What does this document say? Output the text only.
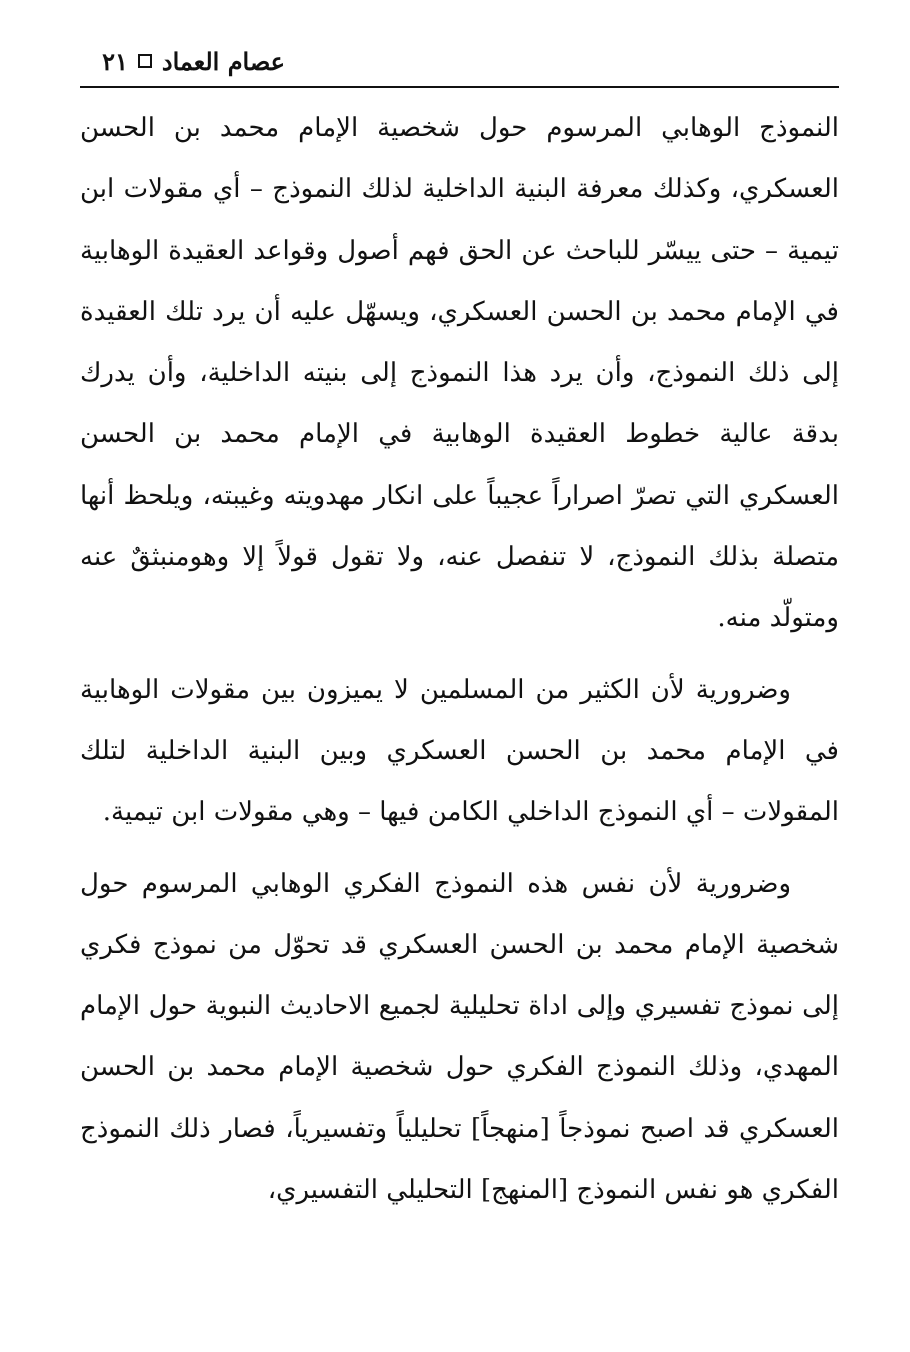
عصام العماد
٢١

النموذج الوهابي المرسوم حول شخصية الإمام محمد بن الحسن العسكري، وكذلك معرفة البنية الداخلية لذلك النموذج – أي مقولات ابن تيمية – حتى ييسّر للباحث عن الحق فهم أصول وقواعد العقيدة الوهابية في الإمام محمد بن الحسن العسكري، ويسهّل عليه أن يرد تلك العقيدة إلى ذلك النموذج، وأن يرد هذا النموذج إلى بنيته الداخلية، وأن يدرك بدقة عالية خطوط العقيدة الوهابية في الإمام محمد بن الحسن العسكري التي تصرّ اصراراً عجيباً على انكار مهدويته وغيبته، ويلحظ أنها متصلة بذلك النموذج، لا تنفصل عنه، ولا تقول قولاً إلا وهومنبثقٌ عنه ومتولّد منه.

وضرورية لأن الكثير من المسلمين لا يميزون بين مقولات الوهابية في الإمام محمد بن الحسن العسكري وبين البنية الداخلية لتلك المقولات – أي النموذج الداخلي الكامن فيها – وهي مقولات ابن تيمية.

وضرورية لأن نفس هذه النموذج الفكري الوهابي المرسوم حول شخصية الإمام محمد بن الحسن العسكري قد تحوّل من نموذج فكري إلى نموذج تفسيري وإلى اداة تحليلية لجميع الاحاديث النبوية حول الإمام المهدي، وذلك النموذج الفكري حول شخصية الإمام محمد بن الحسن العسكري قد اصبح نموذجاً [منهجاً] تحليلياً وتفسيرياً، فصار ذلك النموذج الفكري هو نفس النموذج [المنهج] التحليلي التفسيري،
